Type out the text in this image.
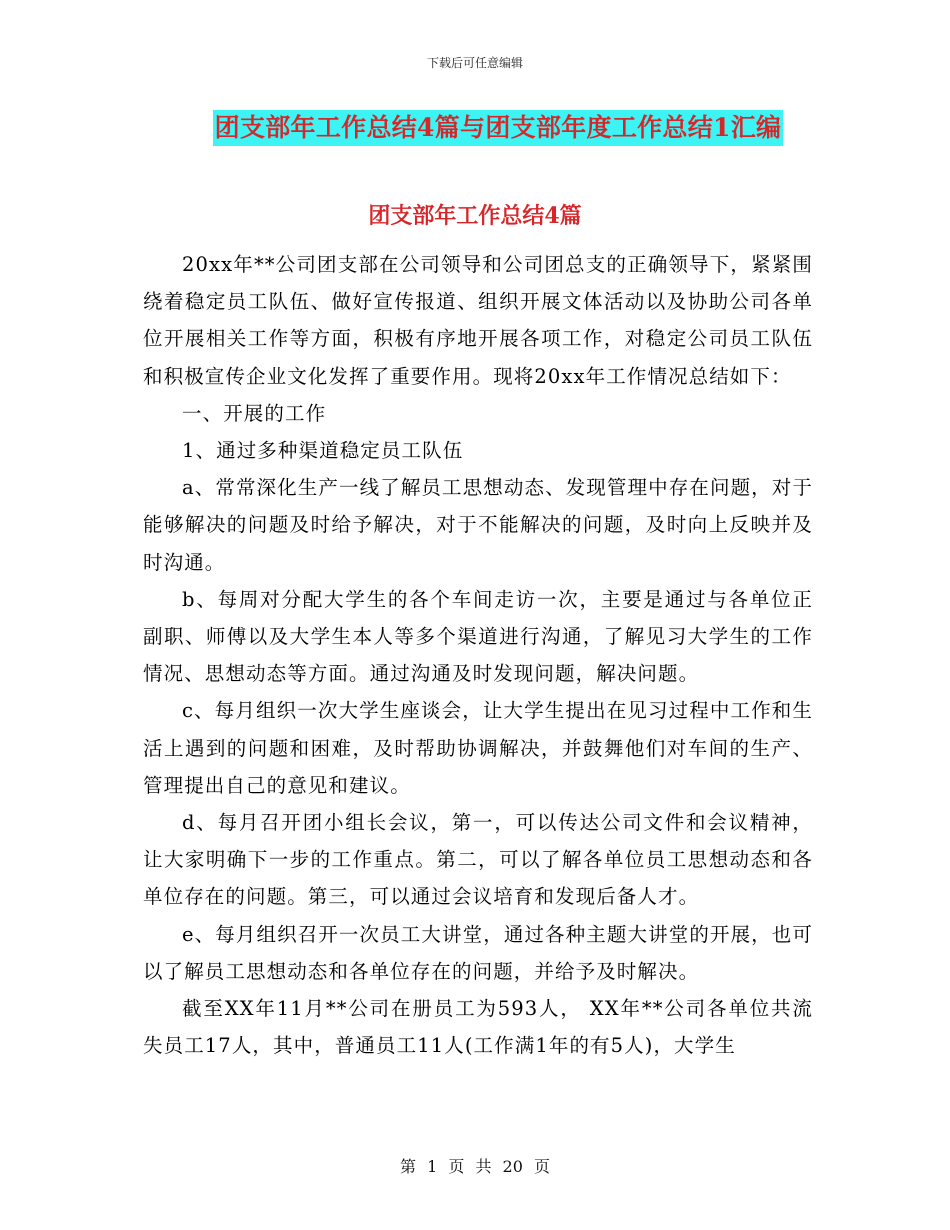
下载后可任意编辑
团支部年工作总结4篇与团支部年度工作总结1汇编
团支部年工作总结4篇

20xx年**公司团支部在公司领导和公司团总支的正确领导下，紧紧围绕着稳定员工队伍、做好宣传报道、组织开展文体活动以及协助公司各单位开展相关工作等方面，积极有序地开展各项工作，对稳定公司员工队伍和积极宣传企业文化发挥了重要作用。现将20xx年工作情况总结如下：

一、开展的工作

1、通过多种渠道稳定员工队伍

a、常常深化生产一线了解员工思想动态、发现管理中存在问题，对于能够解决的问题及时给予解决，对于不能解决的问题，及时向上反映并及时沟通。

b、每周对分配大学生的各个车间走访一次，主要是通过与各单位正副职、师傅以及大学生本人等多个渠道进行沟通，了解见习大学生的工作情况、思想动态等方面。通过沟通及时发现问题，解决问题。

c、每月组织一次大学生座谈会，让大学生提出在见习过程中工作和生活上遇到的问题和困难，及时帮助协调解决，并鼓舞他们对车间的生产、管理提出自己的意见和建议。

d、每月召开团小组长会议，第一，可以传达公司文件和会议精神，让大家明确下一步的工作重点。第二，可以了解各单位员工思想动态和各单位存在的问题。第三，可以通过会议培育和发现后备人才。

e、每月组织召开一次员工大讲堂，通过各种主题大讲堂的开展，也可以了解员工思想动态和各单位存在的问题，并给予及时解决。

截至XX年11月**公司在册员工为593人， XX年**公司各单位共流失员工17人，其中，普通员工11人(工作满1年的有5人)，大学生

第 1 页 共 20 页
